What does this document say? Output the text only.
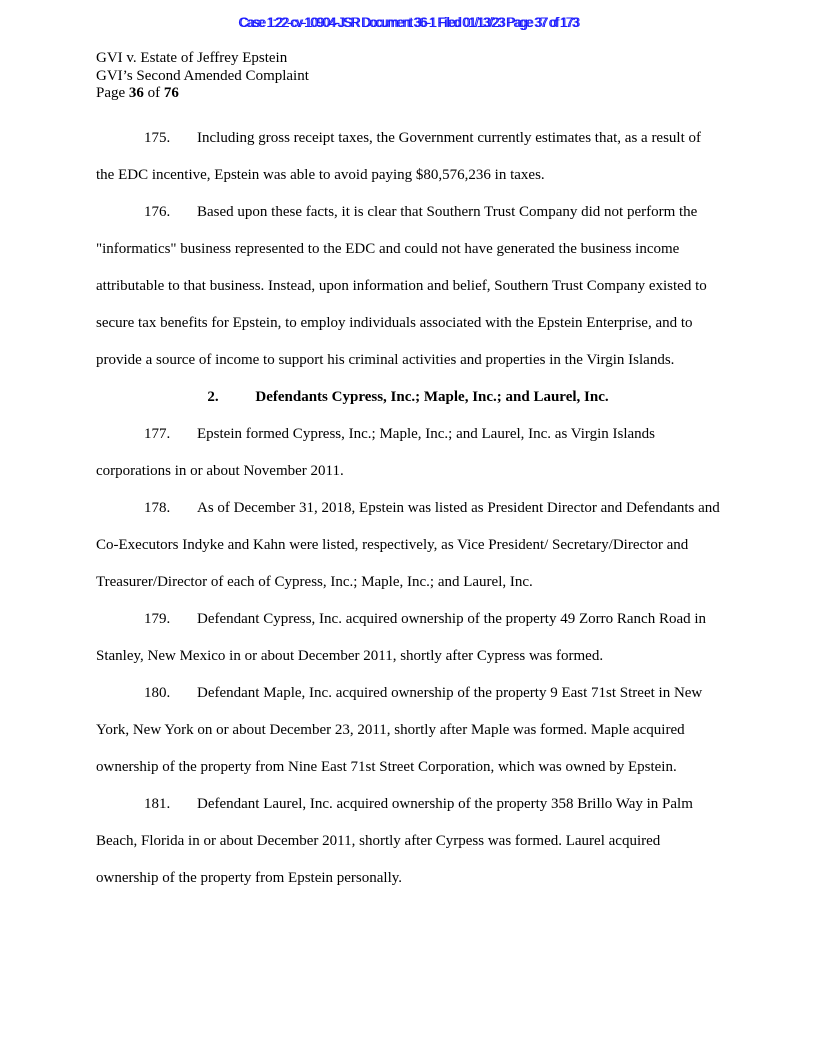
Case 1:22-cv-10904-JSR Document 36-1 Filed 01/13/23 Page 37 of 173
GVI v. Estate of Jeffrey Epstein
GVI’s Second Amended Complaint
Page 36 of 76

175. Including gross receipt taxes, the Government currently estimates that, as a result of the EDC incentive, Epstein was able to avoid paying $80,576,236 in taxes.

176. Based upon these facts, it is clear that Southern Trust Company did not perform the "informatics" business represented to the EDC and could not have generated the business income attributable to that business. Instead, upon information and belief, Southern Trust Company existed to secure tax benefits for Epstein, to employ individuals associated with the Epstein Enterprise, and to provide a source of income to support his criminal activities and properties in the Virgin Islands.

2. Defendants Cypress, Inc.; Maple, Inc.; and Laurel, Inc.

177. Epstein formed Cypress, Inc.; Maple, Inc.; and Laurel, Inc. as Virgin Islands corporations in or about November 2011.

178. As of December 31, 2018, Epstein was listed as President Director and Defendants and Co-Executors Indyke and Kahn were listed, respectively, as Vice President/ Secretary/Director and Treasurer/Director of each of Cypress, Inc.; Maple, Inc.; and Laurel, Inc.

179. Defendant Cypress, Inc. acquired ownership of the property 49 Zorro Ranch Road in Stanley, New Mexico in or about December 2011, shortly after Cypress was formed.

180. Defendant Maple, Inc. acquired ownership of the property 9 East 71st Street in New York, New York on or about December 23, 2011, shortly after Maple was formed. Maple acquired ownership of the property from Nine East 71st Street Corporation, which was owned by Epstein.

181. Defendant Laurel, Inc. acquired ownership of the property 358 Brillo Way in Palm Beach, Florida in or about December 2011, shortly after Cyrpess was formed. Laurel acquired ownership of the property from Epstein personally.
